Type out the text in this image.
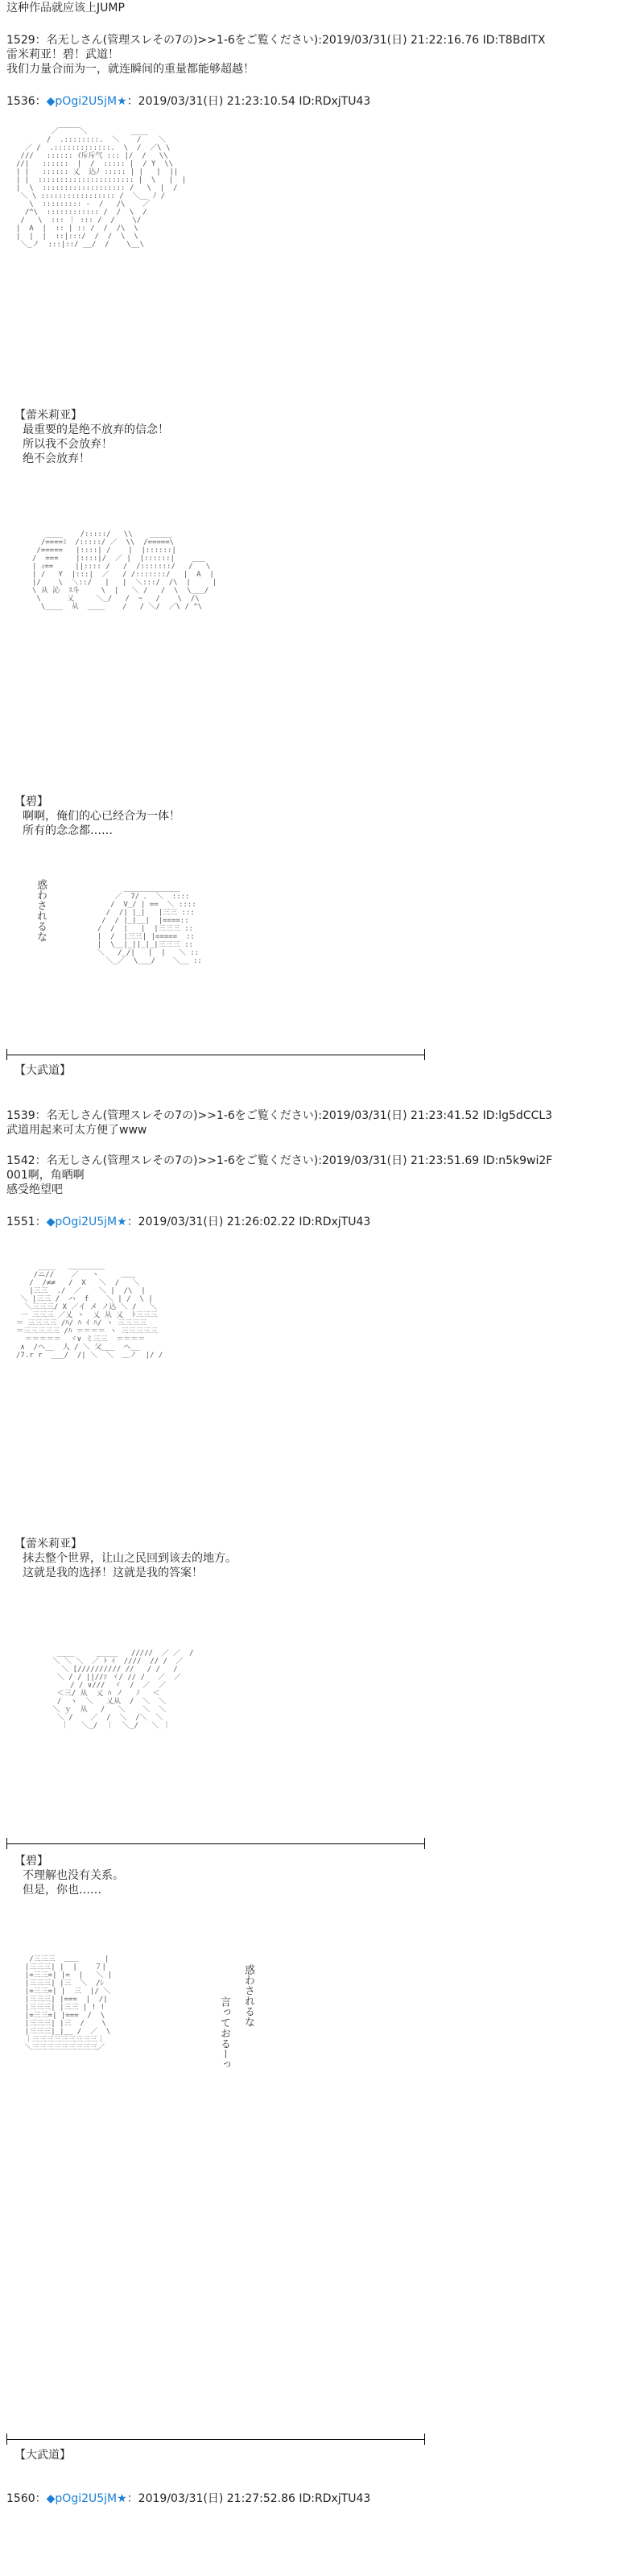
这种作品就应该上JUMP
1529：名无しさん(管理スレその7の)>>1-6をご覧ください):2019/03/31(日) 21:22:16.76 ID:T8BdITX
雷米莉亚！碧！武道！
我们力量合而为一，就连瞬间的重量都能够超越！
1536：◆pOgi2U5jM★：2019/03/31(日) 21:23:10.54 ID:RDxjTU43
／￣￣￣＼          ____
/  .::::::::.  ＼    /    ＼
／ /  .:::::::::::::.  \  /  ／\ \
///   :::::: ｲ斥斥气 ::: |/  /   \\
//|   ::::::  |  /  ::::: |  / Y  \\
| |   :::::: 乂  込ﾉ ::::: | |   |  ||
| |  :::::::::::::::::::::: |  \   |  |
|  \  ::::::::::::::::::: /   \  |  /
＼ \ ::::::::::::::::: /  ＼__ ﾉ /
\  ::::::::: ‐  /   /\    ／
/^\  :::::::::::: /  /  \  /
/   \  ::: ｜ ::: /  /    \/
|  A  |  :: | :: /  /  /\  \
|  |  |  ::|:::/  /  /  \  \
＼_ノ  :::|::/ __/  /    \__\
【蕾米莉亚】
最重要的是绝不放弃的信念！
所以我不会放弃！
绝不会放弃！
____    /:::::/   \\    _____
/====ﾐ  /:::::/ ／  \\  /=====\
/=====   |::::| /    |  |::::::|
/  ===    |::::|/  ／ |  |::::::|    ___
| ｨ==     ||:::: /   /  /:::::::/   /   \
| /   Y  |:::|  ／   / /:::::::/   |  A  |
|/    \  ＼::/   |   |  ＼:::/  /\  |     |
\ 从 沁  ｽ斗     \  |   ＼ /   /  \  \___/
\      乂     ＼_/   /  ~   /    \  /\
\____  从  ____    /   / ＼/  ／\ / ^\
【碧】
啊啊，俺们的心已经合为一体！
所有的念念都……
惑わされるな	_____________
／  7/ ､  ＼  ::::
/  V_/ | ==  ＼ ::::
/  /| |_|   |三三 :::
/  / |_|__|  |====::
/  /  |   |  |三三三 ::
|  /  |三三| |=====  ::
|  \__|_||_|_|三三三 ::
＼   /_/|   |  |   ＼ ::
＼_／  \___/    ＼__ ::
【大武道】
1539：名无しさん(管理スレその7の)>>1-6をご覧ください):2019/03/31(日) 21:23:41.52 ID:lg5dCCL3
武道用起来可太方便了www
1542：名无しさん(管理スレその7の)>>1-6をご覧ください):2019/03/31(日) 21:23:51.69 ID:n5k9wi2F
001啊，角晒啊
感受绝望吧
1551：◆pOgi2U5jM★：2019/03/31(日) 21:26:02.22 ID:RDxjTU43
____   ＿＿＿＿＿
/ニ//    ／   ヽ     ＿＿
/  /≠≠   /  X   ＼  /   ＼
|三三  ./  ／    ＼ |  /\  |
＼ |三三 /  ハ  f    ＼ | /  \ |
＼三三三/ X ／イ メ ノ込 ＼ /   ＼
一 三三三 ／乂 ヽ  乂 从 乂  ﾄ三三三
＝ 三三三三 /ﾊ/ ﾊ ｲ ﾊ/ ヽ 三三三三
＝三三三三三 /ﾊ ＝＝＝＝ ヽ 三三三三三
＝＝＝＝＝  ヾ∨ ミ三三  ＝＝＝＝
∧  /へ__  人 / ＼ 父___  へ__
/7.r r  ___/  /| ＼  ＼  ＿ノ  |/ /
【蕾米莉亚】
抹去整个世界，让山之民回到该去的地方。
这就是我的选择！这就是我的答案！
____     _____   /////  ／ ／  /
＼ ＼ ＼  ／ ﾄ ｲ  ////  // /  ／
＼ [////////// //   / /   /
＼ / / ||//ｼ ヾ/ // /   ／  ／
/ / ∨///  ヾ  /  ／  ／
＜三/ 从  乂 ﾊ ノ   ﾉ   ＜
/  ヽ  ＼   乂从  /  ＼  ＼
＼ ｙ  从   /   ＼    ＼  ＼
＼ /    ／  /  ＼  /＼  ＼
｜   ＼_/  ｜  ＼_/   ＼ ｜
【碧】
不理解也没有关系。
但是，你也……
/三三三  ＿＿      |
|三三三| |  |    ７|
|=三三=| |=  |   ＼ |
|三三三| |三  ＼  /ﾚ
|=三三=| |  三  |/ ＼
|三三三| |===  |  /|
|三三三| |三三 | ! !
|=三三=| |===  /  \
|三三三| |三  /    \
|三三三|_|__ /  ／  \
｜三三三三三三三三三｜
＼三三三三三三三三三／
惑わされるな
言っておるーっ
【大武道】
1560：◆pOgi2U5jM★：2019/03/31(日) 21:27:52.86 ID:RDxjTU43
